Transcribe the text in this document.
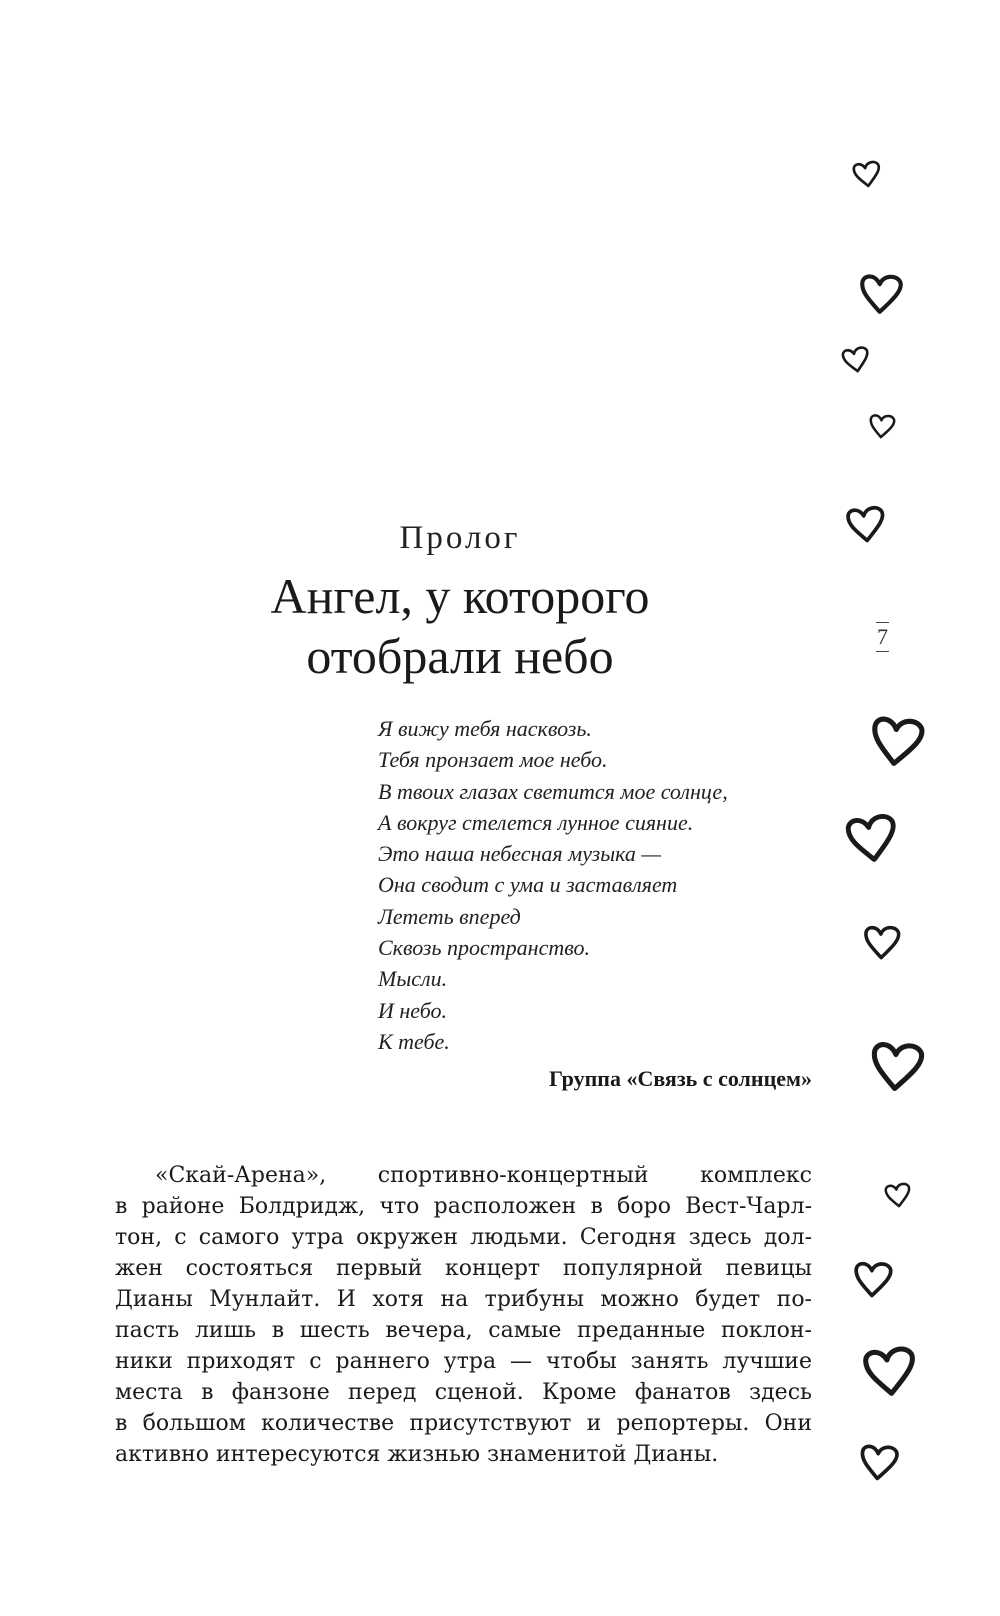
Пролог
Ангел, у которого
отобрали небо
Я вижу тебя насквозь.
Тебя пронзает мое небо.
В твоих глазах светится мое солнце,
А вокруг стелется лунное сияние.
Это наша небесная музыка —
Она сводит с ума и заставляет
Лететь вперед
Сквозь пространство.
Мысли.
И небо.
К тебе.
Группа «Связь с солнцем»
«Скай-Арена», спортивно-концертный комплекс
в районе Болдридж, что расположен в боро Вест-Чарл-
тон, с самого утра окружен людьми. Сегодня здесь дол-
жен состояться первый концерт популярной певицы
Дианы Мунлайт. И хотя на трибуны можно будет по-
пасть лишь в шесть вечера, самые преданные поклон-
ники приходят с раннего утра — чтобы занять лучшие
места в фанзоне перед сценой. Кроме фанатов здесь
в большом количестве присутствуют и репортеры. Они
активно интересуются жизнью знаменитой Дианы.
7
